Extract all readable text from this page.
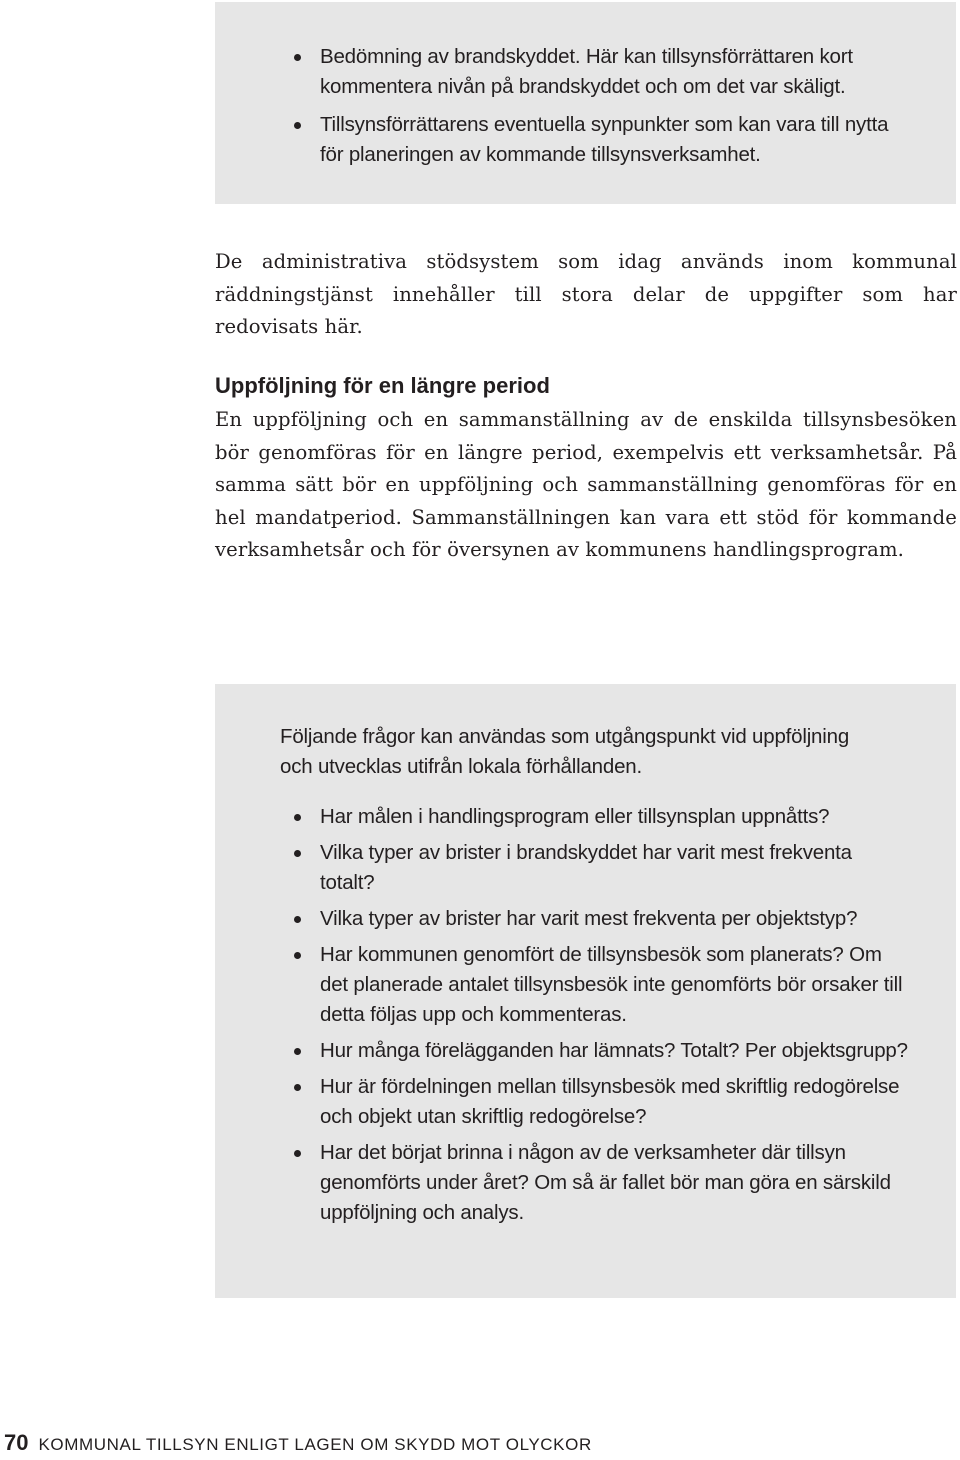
Bedömning av brandskyddet. Här kan tillsynsförrättaren kort kommentera nivån på brandskyddet och om det var skäligt.
Tillsynsförrättarens eventuella synpunkter som kan vara till nytta för planeringen av kommande tillsynsverksamhet.

De administrativa stödsystem som idag används inom kommunal räddningstjänst innehåller till stora delar de uppgifter som har redovisats här.

Uppföljning för en längre period

En uppföljning och en sammanställning av de enskilda tillsynsbesöken bör genomföras för en längre period, exempelvis ett verksamhetsår. På samma sätt bör en uppföljning och sammanställning genomföras för en hel mandatperiod. Sammanställningen kan vara ett stöd för kommande verksamhetsår och för översynen av kommunens handlingsprogram.

Följande frågor kan användas som utgångspunkt vid uppföljning och utvecklas utifrån lokala förhållanden.

Har målen i handlingsprogram eller tillsynsplan uppnåtts?
Vilka typer av brister i brandskyddet har varit mest frekventa totalt?
Vilka typer av brister har varit mest frekventa per objektstyp?
Har kommunen genomfört de tillsynsbesök som planerats? Om det planerade antalet tillsynsbesök inte genomförts bör orsaker till detta följas upp och kommenteras.
Hur många förelägganden har lämnats? Totalt? Per objektsgrupp?
Hur är fördelningen mellan tillsynsbesök med skriftlig redogörelse och objekt utan skriftlig redogörelse?
Har det börjat brinna i någon av de verksamheter där tillsyn genomförts under året? Om så är fallet bör man göra en särskild uppföljning och analys.
70 KOMMUNAL TILLSYN ENLIGT LAGEN OM SKYDD MOT OLYCKOR
